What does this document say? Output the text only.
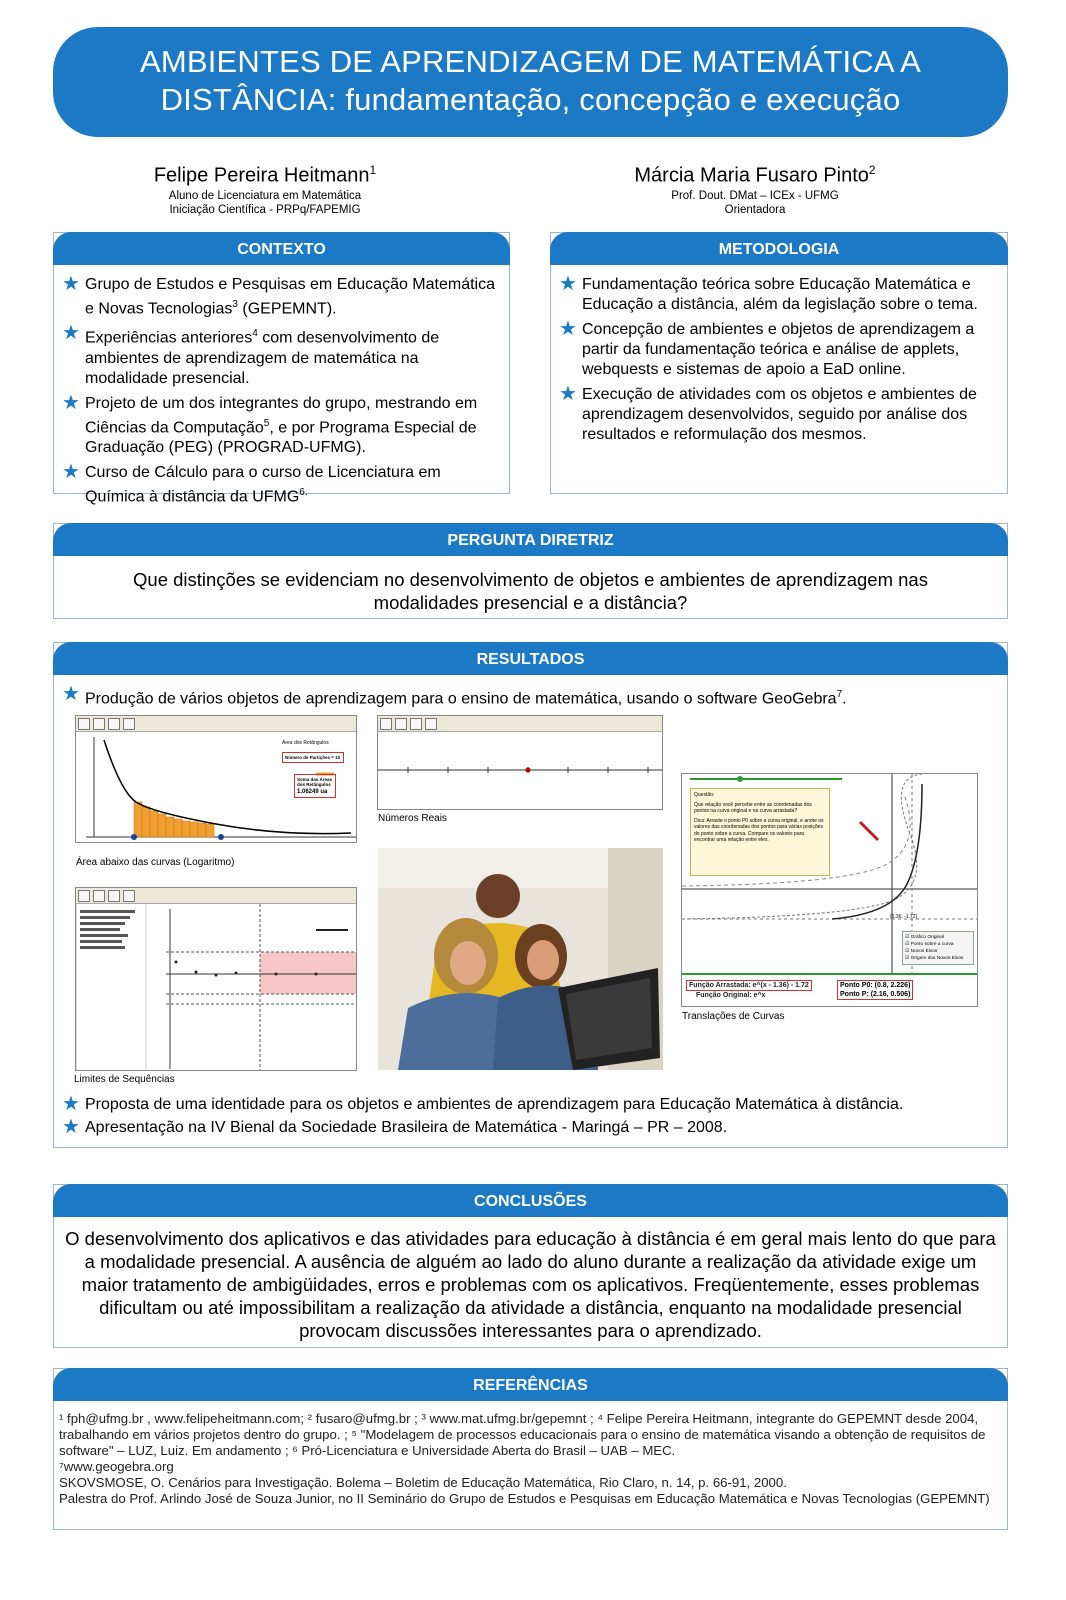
AMBIENTES DE APRENDIZAGEM DE MATEMÁTICA A
DISTÂNCIA: fundamentação, concepção e execução
Felipe Pereira Heitmann$^1$
Aluno de Licenciatura em Matemática
Iniciação Científica - PRPq/FAPEMIG
Márcia Maria Fusaro Pinto$^2$
Prof. Dout. DMat – ICEx - UFMG
Orientadora
CONTEXTO
★ Grupo de Estudos e Pesquisas em Educação Matemática e Novas Tecnologias$^3$ (GEPEMNT).
★ Experiências anteriores$^4$ com desenvolvimento de ambientes de aprendizagem de matemática na modalidade presencial.
★ Projeto de um dos integrantes do grupo, mestrando em Ciências da Computação$^5$, e por Programa Especial de Graduação (PEG) (PROGRAD-UFMG).
★ Curso de Cálculo para o curso de Licenciatura em Química à distância da $UFMG^{6.}$
METODOLOGIA
★ Fundamentação teórica sobre Educação Matemática e Educação a distância, além da legislação sobre o tema.
★ Concepção de ambientes e objetos de aprendizagem a partir da fundamentação teórica e análise de applets, webquests e sistemas de apoio a EaD online.
★ Execução de atividades com os objetos e ambientes de aprendizagem desenvolvidos, seguido por análise dos resultados e reformulação dos mesmos.
PERGUNTA DIRETRIZ
Que distinções se evidenciam no desenvolvimento de objetos e ambientes de aprendizagem nas modalidades presencial e a distância?
RESULTADOS
★ Produção de vários objetos de aprendizagem para o ensino de matemática, usando o software GeoGebra$^7$.
Área dos Retângulos
Número de Partições = 10
Soma das Áreas dos Retângulos
1.06249 ua
Área abaixo das curvas (Logaritmo)
Números Reais
Limites de Sequências
Questão:
Que relação você percebe entre as coordenadas dos pontos na curva original e na curva arrastada?
Dica: Arraste o ponto P0 sobre a curva original, e anote os valores das coordenadas dos pontos para várias posições do ponto sobre a curva. Compare os valores para encontrar uma relação entre eles.
(1.36, -1.72)
☑ Gráfico Original
☑ Ponto sobre a curva
☑ Novos Eixos
☑ Origem dos Novos Eixos
Função Arrastada: e^(x - 1.36) - 1.72
Função Original: e^x
Ponto P0: (0.8, 2.226)
Ponto P: (2.16, 0.506)
Translações de Curvas
★ Proposta de uma identidade para os objetos e ambientes de aprendizagem para Educação Matemática à distância.
★ Apresentação na IV Bienal da Sociedade Brasileira de Matemática - Maringá – PR – 2008.
CONCLUSÕES
O desenvolvimento dos aplicativos e das atividades para educação à distância é em geral mais lento do que para a modalidade presencial. A ausência de alguém ao lado do aluno durante a realização da atividade exige um maior tratamento de ambigüidades, erros e problemas com os aplicativos. Freqüentemente, esses problemas dificultam ou até impossibilitam a realização da atividade a distância, enquanto na modalidade presencial provocam discussões interessantes para o aprendizado.
REFERÊNCIAS

¹ fph@ufmg.br , www.felipeheitmann.com; ² fusaro@ufmg.br ; ³ www.mat.ufmg.br/gepemnt ; ⁴ Felipe Pereira Heitmann, integrante do GEPEMNT desde 2004, trabalhando em vários projetos dentro do grupo. ; ⁵ "Modelagem de processos educacionais para o ensino de matemática visando a obtenção de requisitos de software" – LUZ, Luiz. Em andamento ; ⁶ Pró-Licenciatura e Universidade Aberta do Brasil – UAB – MEC.

⁷www.geogebra.org

SKOVSMOSE, O. Cenários para Investigação. Bolema – Boletim de Educação Matemática, Rio Claro, n. 14, p. 66-91, 2000.

Palestra do Prof. Arlindo José de Souza Junior, no II Seminário do Grupo de Estudos e Pesquisas em Educação Matemática e Novas Tecnologias (GEPEMNT)
